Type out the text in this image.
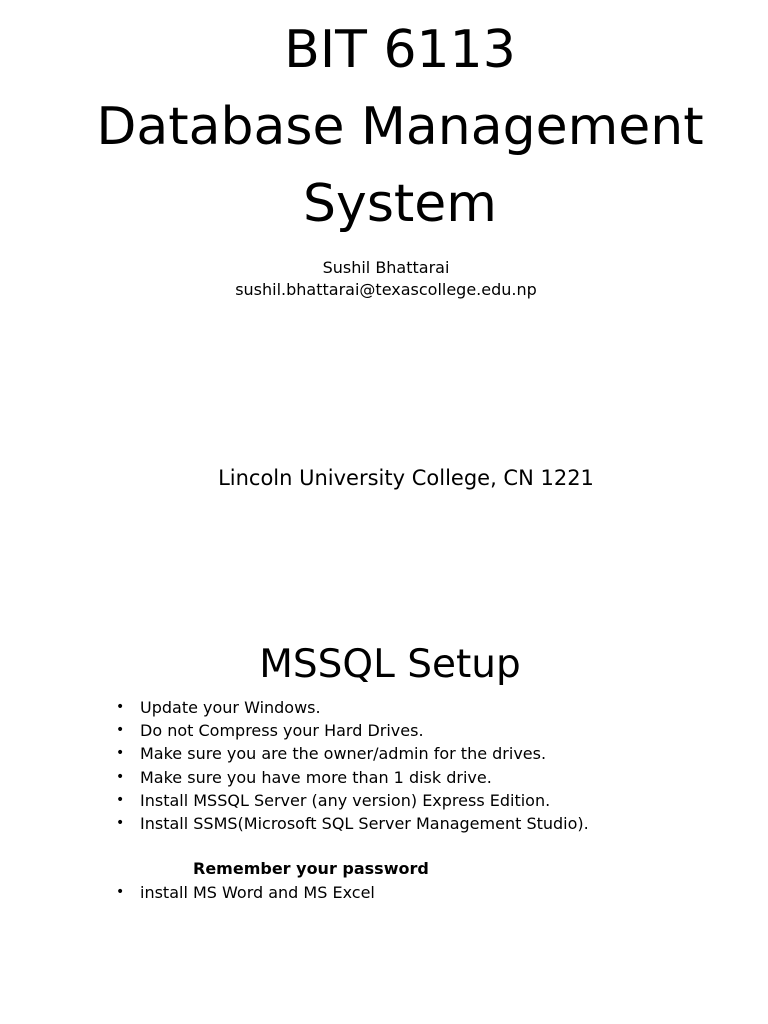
BIT 6113
Database Management
System
Sushil Bhattarai
sushil.bhattarai@texascollege.edu.np
Lincoln University College, CN 1221
MSSQL Setup
• Update your Windows.
• Do not Compress your Hard Drives.
• Make sure you are the owner/admin for the drives.
• Make sure you have more than 1 disk drive.
• Install MSSQL Server (any version) Express Edition.
• Install SSMS(Microsoft SQL Server Management Studio).
Remember your password
• install MS Word and MS Excel
